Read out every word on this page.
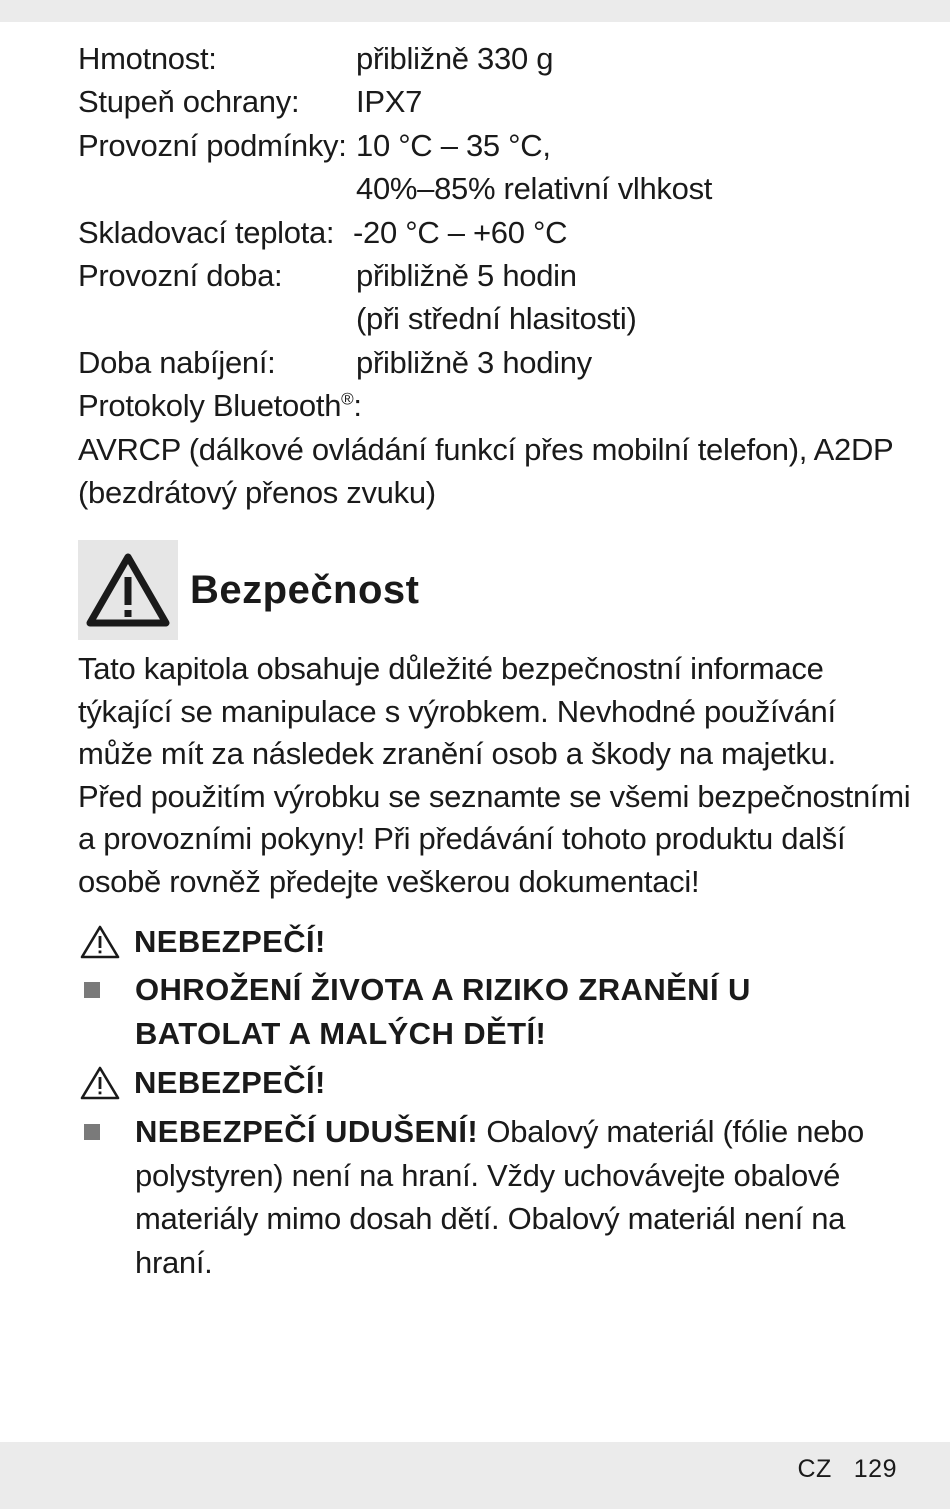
Hmotnost:	přibližně 330 g
Stupeň ochrany:	IPX7
Provozní podmínky: 10 °C – 35 °C,
40%–85% relativní vlhkost
Skladovací teplota: -20 °C – +60 °C
Provozní doba:	přibližně 5 hodin
(při střední hlasitosti)
Doba nabíjení:	přibližně 3 hodiny
Protokoly Bluetooth®:
AVRCP (dálkové ovládání funkcí přes mobilní telefon), A2DP
(bezdrátový přenos zvuku)
Bezpečnost
Tato kapitola obsahuje důležité bezpečnostní informace
týkající se manipulace s výrobkem. Nevhodné používání
může mít za následek zranění osob a škody na majetku.
Před použitím výrobku se seznamte se všemi bezpečnostními
a provozními pokyny! Při předávání tohoto produktu další
osobě rovněž předejte veškerou dokumentaci!
NEBEZPEČÍ!
OHROŽENÍ ŽIVOTA A RIZIKO ZRANĚNÍ U
BATOLAT A MALÝCH DĚTÍ!
NEBEZPEČÍ!
NEBEZPEČÍ UDUŠENÍ! Obalový materiál (fólie nebo
polystyren) není na hraní. Vždy uchovávejte obalové
materiály mimo dosah dětí. Obalový materiál není na
hraní.
CZ 129
